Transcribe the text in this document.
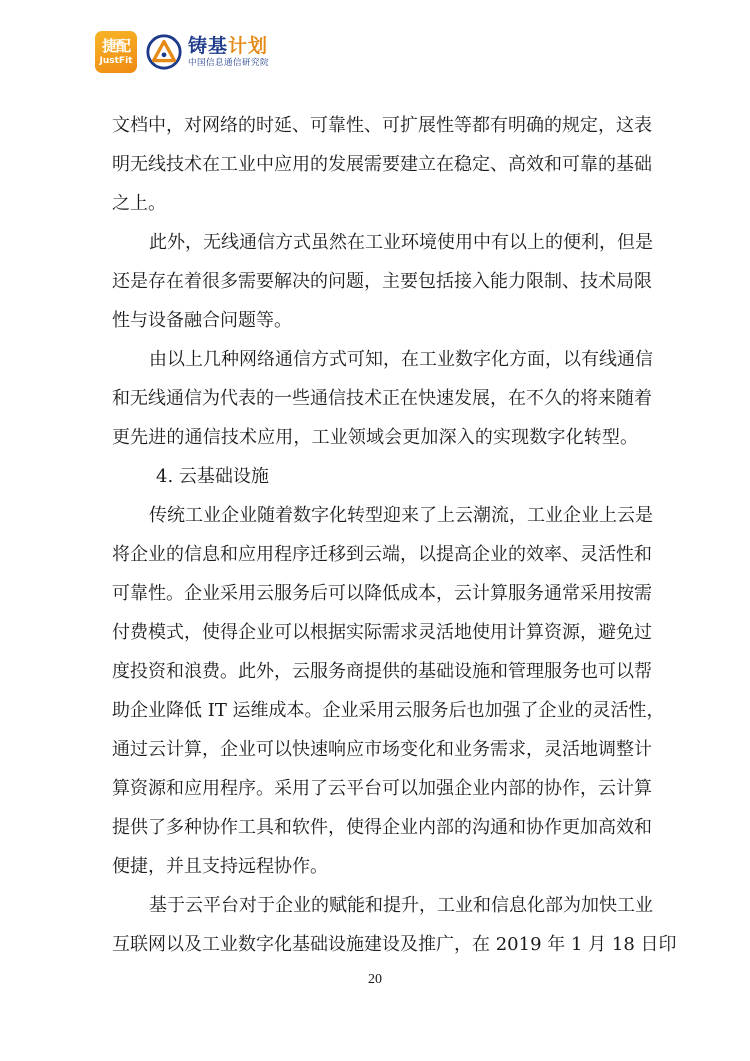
捷配
JustFit
铸基计划
中国信息通信研究院
文档中，对网络的时延、可靠性、可扩展性等都有明确的规定，这表
明无线技术在工业中应用的发展需要建立在稳定、高效和可靠的基础
之上。
此外，无线通信方式虽然在工业环境使用中有以上的便利，但是
还是存在着很多需要解决的问题，主要包括接入能力限制、技术局限
性与设备融合问题等。
由以上几种网络通信方式可知，在工业数字化方面，以有线通信
和无线通信为代表的一些通信技术正在快速发展，在不久的将来随着
更先进的通信技术应用，工业领域会更加深入的实现数字化转型。
4. 云基础设施
传统工业企业随着数字化转型迎来了上云潮流，工业企业上云是
将企业的信息和应用程序迁移到云端，以提高企业的效率、灵活性和
可靠性。企业采用云服务后可以降低成本，云计算服务通常采用按需
付费模式，使得企业可以根据实际需求灵活地使用计算资源，避免过
度投资和浪费。此外，云服务商提供的基础设施和管理服务也可以帮
助企业降低 IT 运维成本。企业采用云服务后也加强了企业的灵活性，
通过云计算，企业可以快速响应市场变化和业务需求，灵活地调整计
算资源和应用程序。采用了云平台可以加强企业内部的协作，云计算
提供了多种协作工具和软件，使得企业内部的沟通和协作更加高效和
便捷，并且支持远程协作。
基于云平台对于企业的赋能和提升，工业和信息化部为加快工业
互联网以及工业数字化基础设施建设及推广，在 2019 年 1 月 18 日印
20
